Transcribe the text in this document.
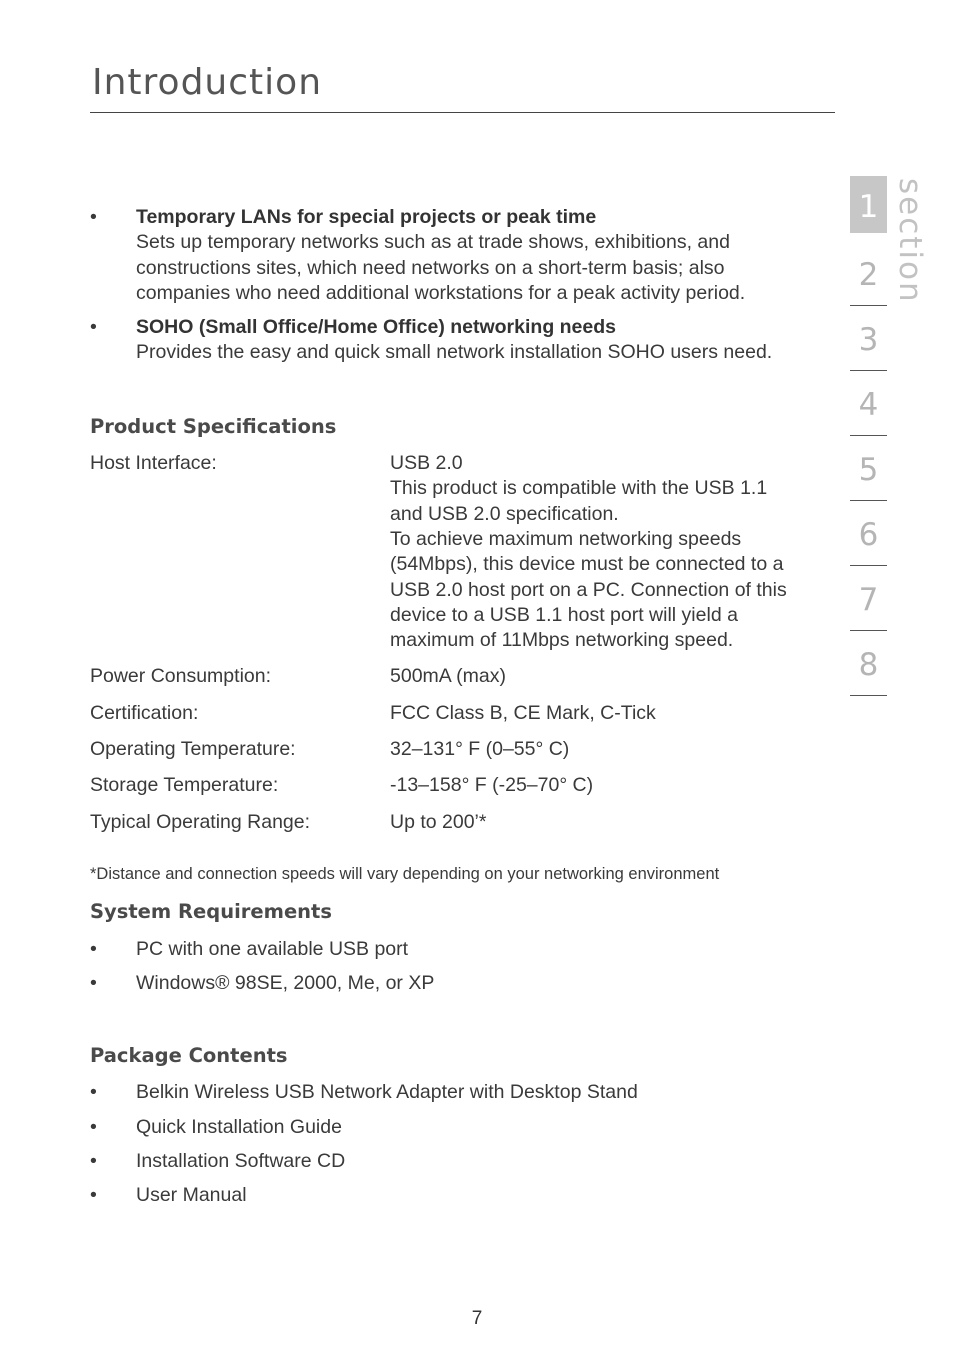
Introduction
section
1
2
3
4
5
6
7
8
• Temporary LANs for special projects or peak time
Sets up temporary networks such as at trade shows, exhibitions, and constructions sites, which need networks on a short-term basis; also companies who need additional workstations for a peak activity period.
• SOHO (Small Office/Home Office) networking needs
Provides the easy and quick small network installation SOHO users need.
Product Specifications
Host Interface:	USB 2.0
This product is compatible with the USB 1.1 and USB 2.0 specification.
To achieve maximum networking speeds (54Mbps), this device must be connected to a USB 2.0 host port on a PC. Connection of this device to a USB 1.1 host port will yield a maximum of 11Mbps networking speed.
Power Consumption:	500mA (max)
Certification:	FCC Class B, CE Mark, C-Tick
Operating Temperature:	32–131° F (0–55° C)
Storage Temperature:	-13–158° F (-25–70° C)
Typical Operating Range:	Up to 200’*
*Distance and connection speeds will vary depending on your networking environment
System Requirements
• PC with one available USB port
• Windows® 98SE, 2000, Me, or XP
Package Contents
• Belkin Wireless USB Network Adapter with Desktop Stand
• Quick Installation Guide
• Installation Software CD
• User Manual
7
